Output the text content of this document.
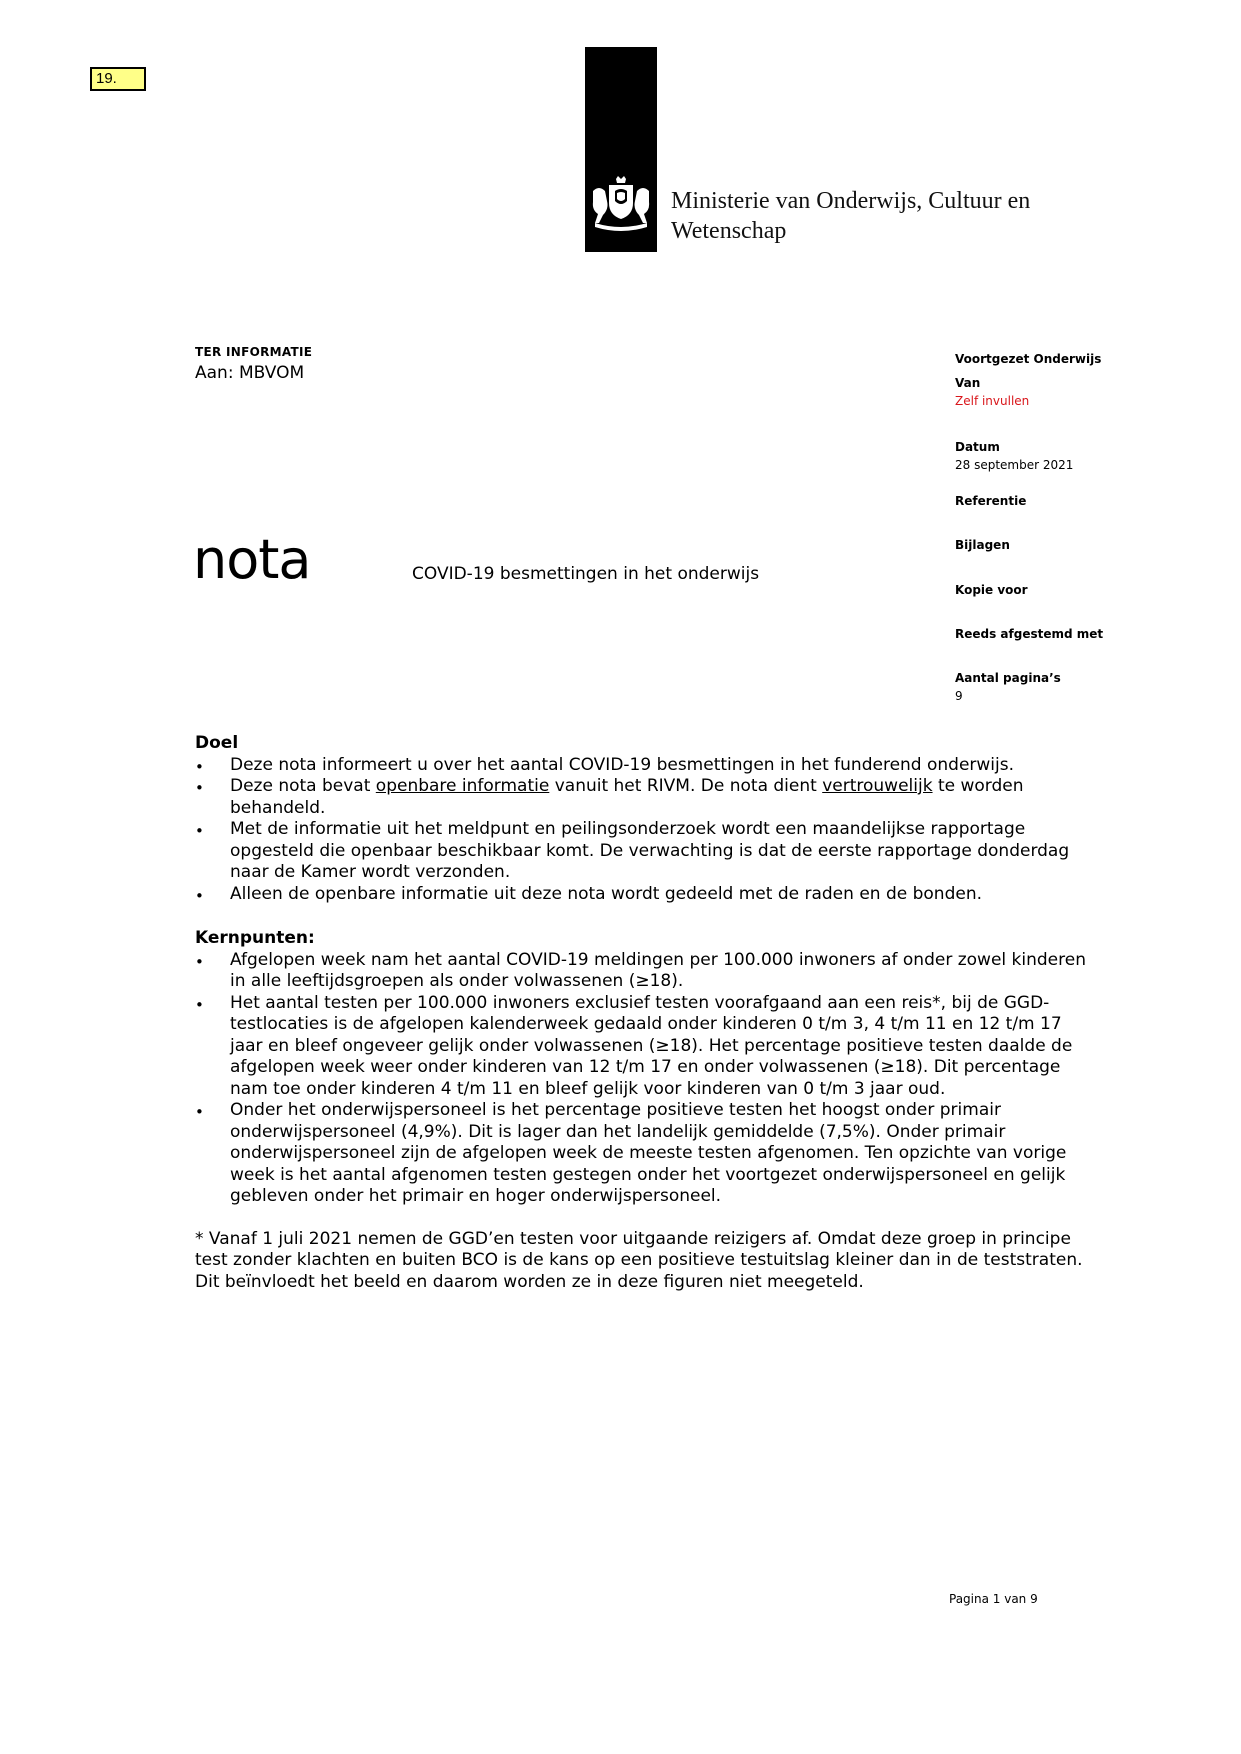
19.
Ministerie van Onderwijs, Cultuur en
Wetenschap
TER INFORMATIE
Aan: MBVOM
nota	COVID-19 besmettingen in het onderwijs
Voortgezet Onderwijs
Van
Zelf invullen
Datum
28 september 2021
Referentie
Bijlagen
Kopie voor
Reeds afgestemd met
Aantal pagina’s
9
Doel
• Deze nota informeert u over het aantal COVID-19 besmettingen in het funderend onderwijs.
• Deze nota bevat openbare informatie vanuit het RIVM. De nota dient vertrouwelijk te worden behandeld.
• Met de informatie uit het meldpunt en peilingsonderzoek wordt een maandelijkse rapportage opgesteld die openbaar beschikbaar komt. De verwachting is dat de eerste rapportage donderdag naar de Kamer wordt verzonden.
• Alleen de openbare informatie uit deze nota wordt gedeeld met de raden en de bonden.
Kernpunten:
• Afgelopen week nam het aantal COVID-19 meldingen per 100.000 inwoners af onder zowel kinderen in alle leeftijdsgroepen als onder volwassenen (≥18).
• Het aantal testen per 100.000 inwoners exclusief testen voorafgaand aan een reis*, bij de GGD-testlocaties is de afgelopen kalenderweek gedaald onder kinderen 0 t/m 3, 4 t/m 11 en 12 t/m 17 jaar en bleef ongeveer gelijk onder volwassenen (≥18). Het percentage positieve testen daalde de afgelopen week weer onder kinderen van 12 t/m 17 en onder volwassenen (≥18). Dit percentage nam toe onder kinderen 4 t/m 11 en bleef gelijk voor kinderen van 0 t/m 3 jaar oud.
• Onder het onderwijspersoneel is het percentage positieve testen het hoogst onder primair onderwijspersoneel (4,9%). Dit is lager dan het landelijk gemiddelde (7,5%). Onder primair onderwijspersoneel zijn de afgelopen week de meeste testen afgenomen. Ten opzichte van vorige week is het aantal afgenomen testen gestegen onder het voortgezet onderwijspersoneel en gelijk gebleven onder het primair en hoger onderwijspersoneel.

* Vanaf 1 juli 2021 nemen de GGD’en testen voor uitgaande reizigers af. Omdat deze groep in principe test zonder klachten en buiten BCO is de kans op een positieve testuitslag kleiner dan in de teststraten. Dit beïnvloedt het beeld en daarom worden ze in deze figuren niet meegeteld.

Pagina 1 van 9
